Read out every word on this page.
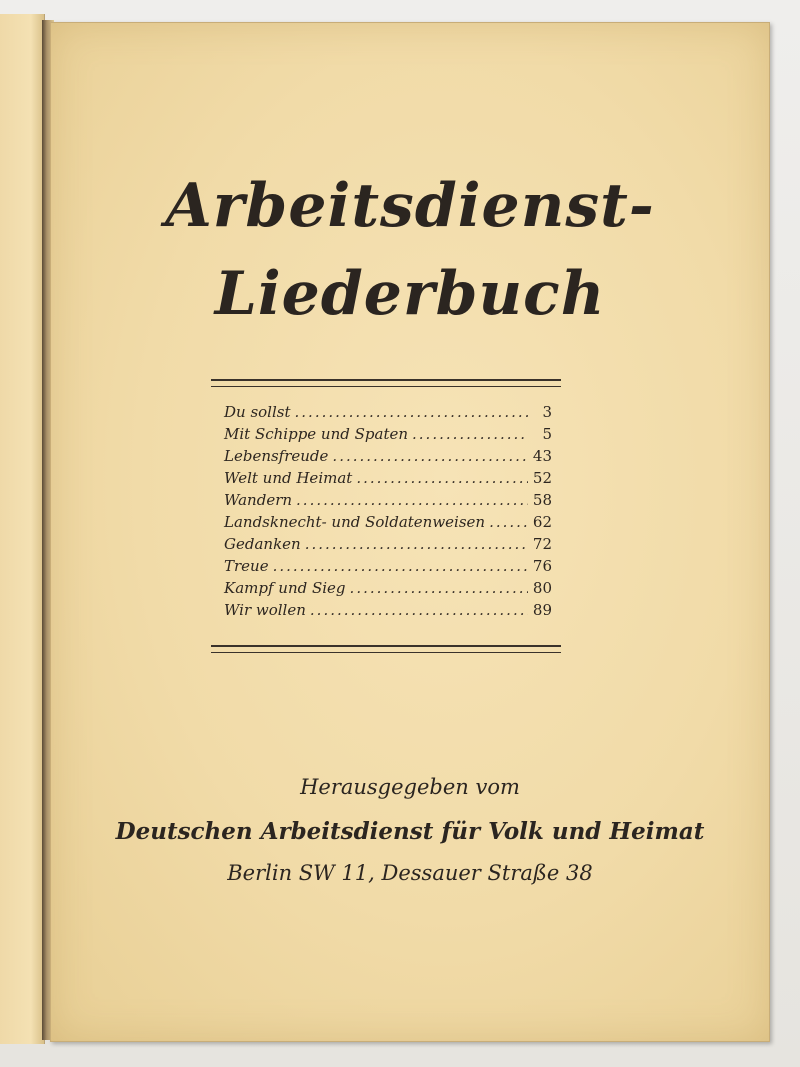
Arbeitsdienst-
Liederbuch
Du sollst .....	3
Mit Schippe und Spaten .....	5
Lebensfreude .....	43
Welt und Heimat .....	52
Wandern .....	58
Landsknecht- und Soldatenweisen .....	62
Gedanken .....	72
Treue .....	76
Kampf und Sieg .....	80
Wir wollen .....	89
Herausgegeben vom
Deutschen Arbeitsdienst für Volk und Heimat
Berlin SW 11, Dessauer Straße 38
